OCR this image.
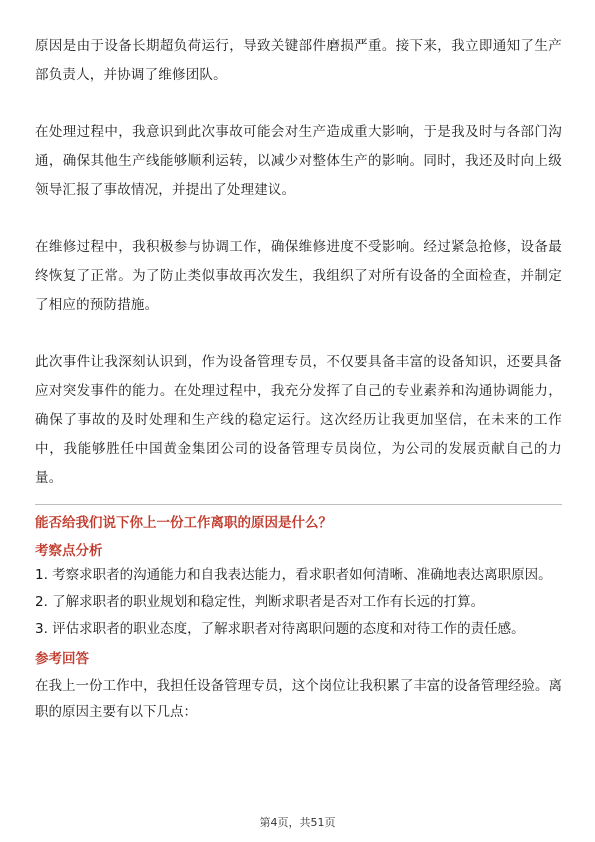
原因是由于设备长期超负荷运行，导致关键部件磨损严重。接下来，我立即通知了生产部负责人，并协调了维修团队。

在处理过程中，我意识到此次事故可能会对生产造成重大影响，于是我及时与各部门沟通，确保其他生产线能够顺利运转，以减少对整体生产的影响。同时，我还及时向上级领导汇报了事故情况，并提出了处理建议。

在维修过程中，我积极参与协调工作，确保维修进度不受影响。经过紧急抢修，设备最终恢复了正常。为了防止类似事故再次发生，我组织了对所有设备的全面检查，并制定了相应的预防措施。

此次事件让我深刻认识到，作为设备管理专员，不仅要具备丰富的设备知识，还要具备应对突发事件的能力。在处理过程中，我充分发挥了自己的专业素养和沟通协调能力，确保了事故的及时处理和生产线的稳定运行。这次经历让我更加坚信，在未来的工作中，我能够胜任中国黄金集团公司的设备管理专员岗位，为公司的发展贡献自己的力量。

能否给我们说下你上一份工作离职的原因是什么？

考察点分析

1. 考察求职者的沟通能力和自我表达能力，看求职者如何清晰、准确地表达离职原因。
2. 了解求职者的职业规划和稳定性，判断求职者是否对工作有长远的打算。
3. 评估求职者的职业态度，了解求职者对待离职问题的态度和对待工作的责任感。

参考回答

在我上一份工作中，我担任设备管理专员，这个岗位让我积累了丰富的设备管理经验。离职的原因主要有以下几点：

第4页，共51页
